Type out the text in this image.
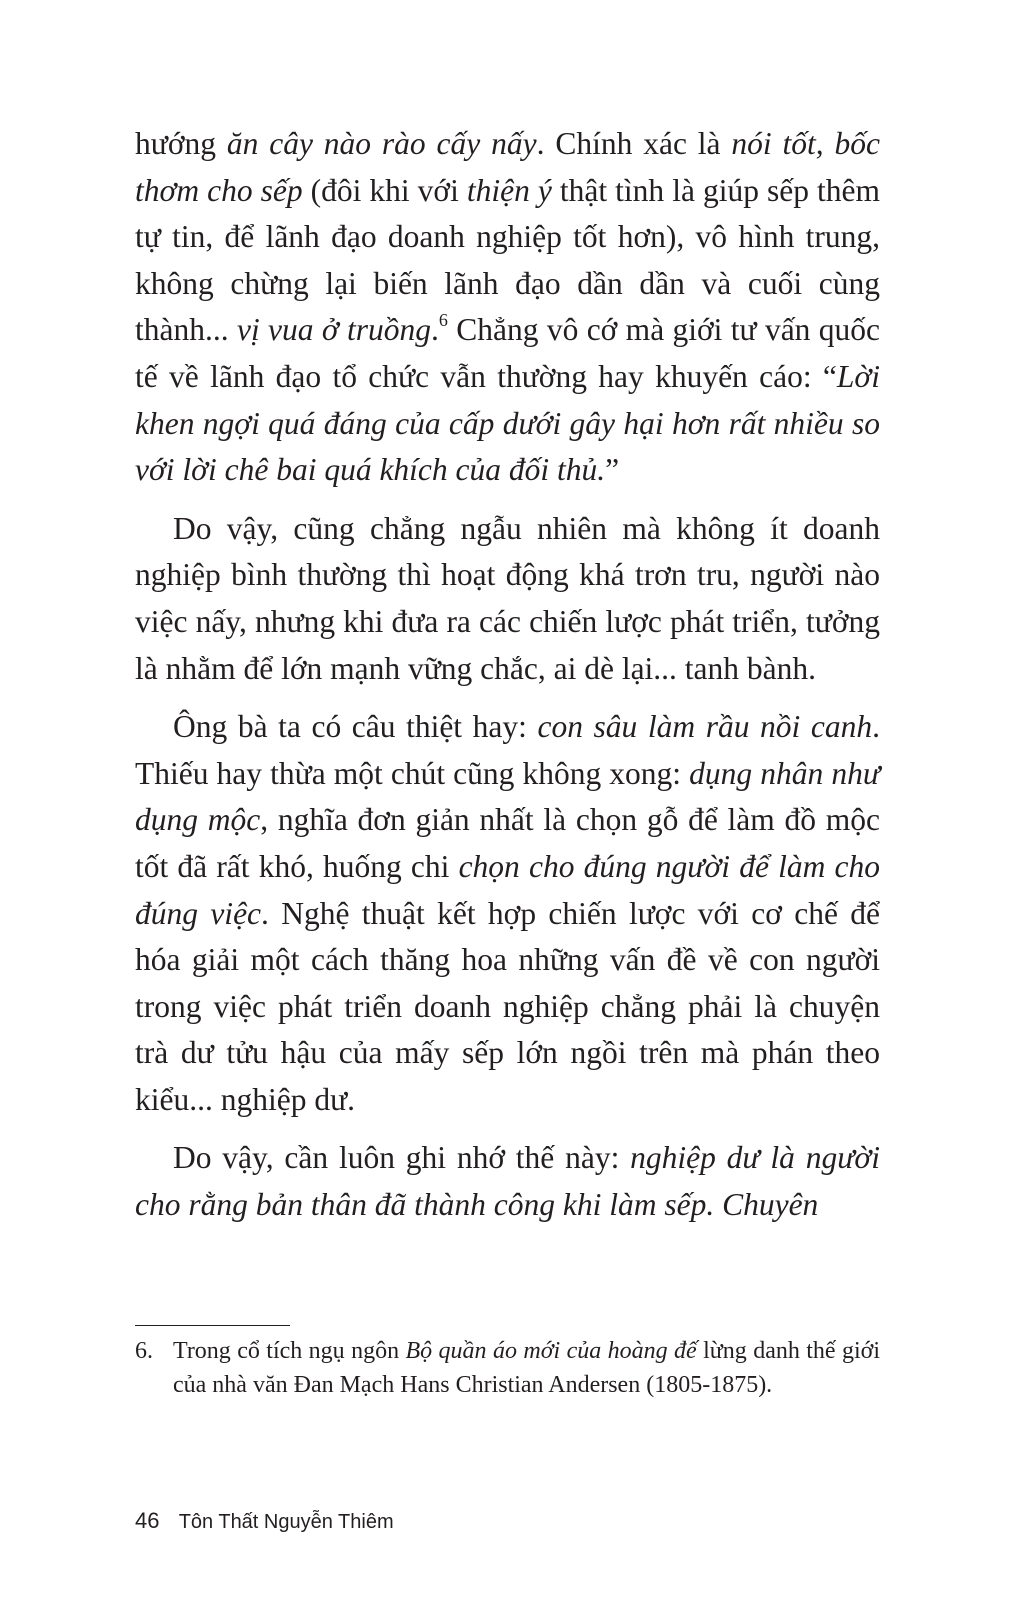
hướng ăn cây nào rào cấy nấy. Chính xác là nói tốt, bốc thơm cho sếp (đôi khi với thiện ý thật tình là giúp sếp thêm tự tin, để lãnh đạo doanh nghiệp tốt hơn), vô hình trung, không chừng lại biến lãnh đạo dần dần và cuối cùng thành... vị vua ở truồng.$^6$ Chẳng vô cớ mà giới tư vấn quốc tế về lãnh đạo tổ chức vẫn thường hay khuyến cáo: “Lời khen ngợi quá đáng của cấp dưới gây hại hơn rất nhiều so với lời chê bai quá khích của đối thủ.”

Do vậy, cũng chẳng ngẫu nhiên mà không ít doanh nghiệp bình thường thì hoạt động khá trơn tru, người nào việc nấy, nhưng khi đưa ra các chiến lược phát triển, tưởng là nhằm để lớn mạnh vững chắc, ai dè lại... tanh bành.

Ông bà ta có câu thiệt hay: con sâu làm rầu nồi canh. Thiếu hay thừa một chút cũng không xong: dụng nhân như dụng mộc, nghĩa đơn giản nhất là chọn gỗ để làm đồ mộc tốt đã rất khó, huống chi chọn cho đúng người để làm cho đúng việc. Nghệ thuật kết hợp chiến lược với cơ chế để hóa giải một cách thăng hoa những vấn đề về con người trong việc phát triển doanh nghiệp chẳng phải là chuyện trà dư tửu hậu của mấy sếp lớn ngồi trên mà phán theo kiểu... nghiệp dư.

Do vậy, cần luôn ghi nhớ thế này: nghiệp dư là người cho rằng bản thân đã thành công khi làm sếp. Chuyên

6. Trong cổ tích ngụ ngôn Bộ quần áo mới của hoàng đế lừng danh thế giới của nhà văn Đan Mạch Hans Christian Andersen (1805-1875).
46 Tôn Thất Nguyễn Thiêm
